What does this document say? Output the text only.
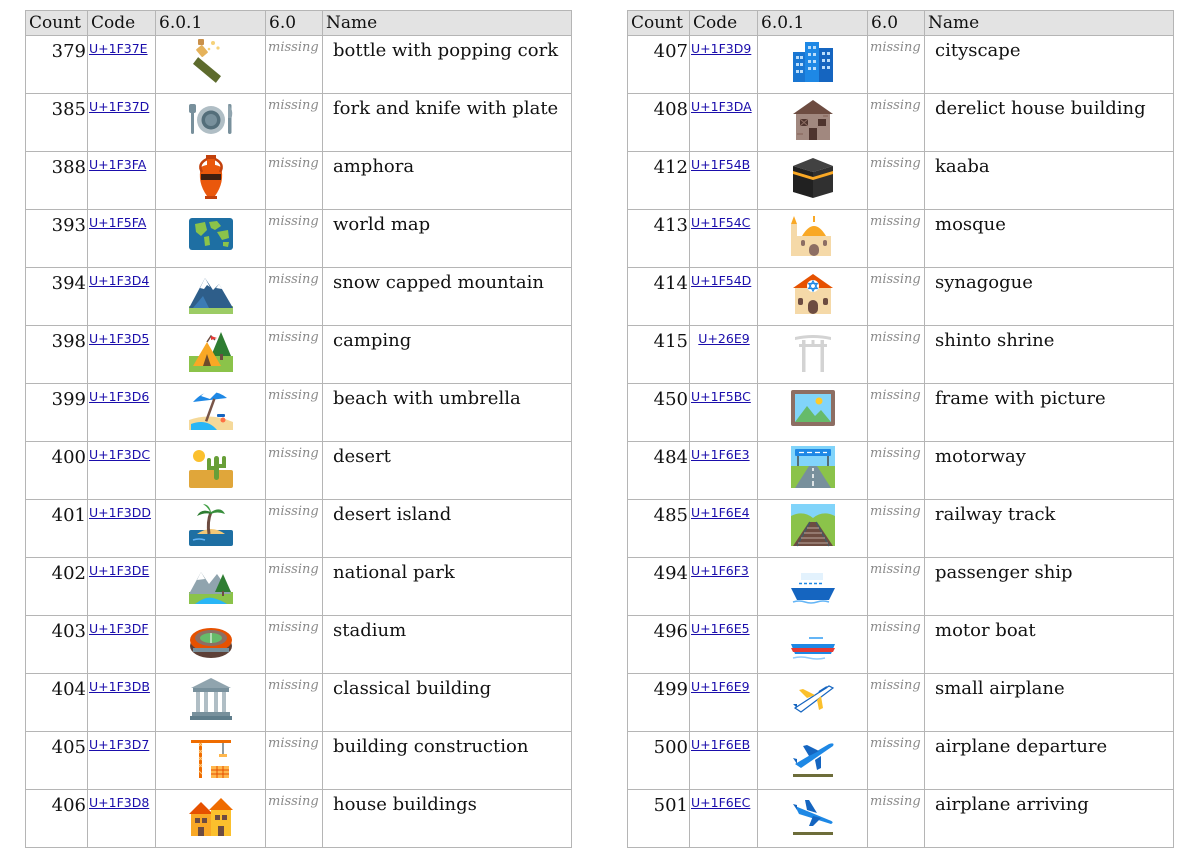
Count	Code	6.0.1	6.0	Name
379	U+1F37E		missing	bottle with popping cork
385	U+1F37D		missing	fork and knife with plate
388	U+1F3FA		missing	amphora
393	U+1F5FA		missing	world map
394	U+1F3D4		missing	snow capped mountain
398	U+1F3D5		missing	camping
399	U+1F3D6		missing	beach with umbrella
400	U+1F3DC		missing	desert
401	U+1F3DD		missing	desert island
402	U+1F3DE		missing	national park
403	U+1F3DF		missing	stadium
404	U+1F3DB		missing	classical building
405	U+1F3D7		missing	building construction
406	U+1F3D8		missing	house buildings
Count	Code	6.0.1	6.0	Name
407	U+1F3D9		missing	cityscape
408	U+1F3DA		missing	derelict house building
412	U+1F54B		missing	kaaba
413	U+1F54C		missing	mosque
414	U+1F54D		missing	synagogue
415	U+26E9		missing	shinto shrine
450	U+1F5BC		missing	frame with picture
484	U+1F6E3		missing	motorway
485	U+1F6E4		missing	railway track
494	U+1F6F3		missing	passenger ship
496	U+1F6E5		missing	motor boat
499	U+1F6E9		missing	small airplane
500	U+1F6EB		missing	airplane departure
501	U+1F6EC		missing	airplane arriving
